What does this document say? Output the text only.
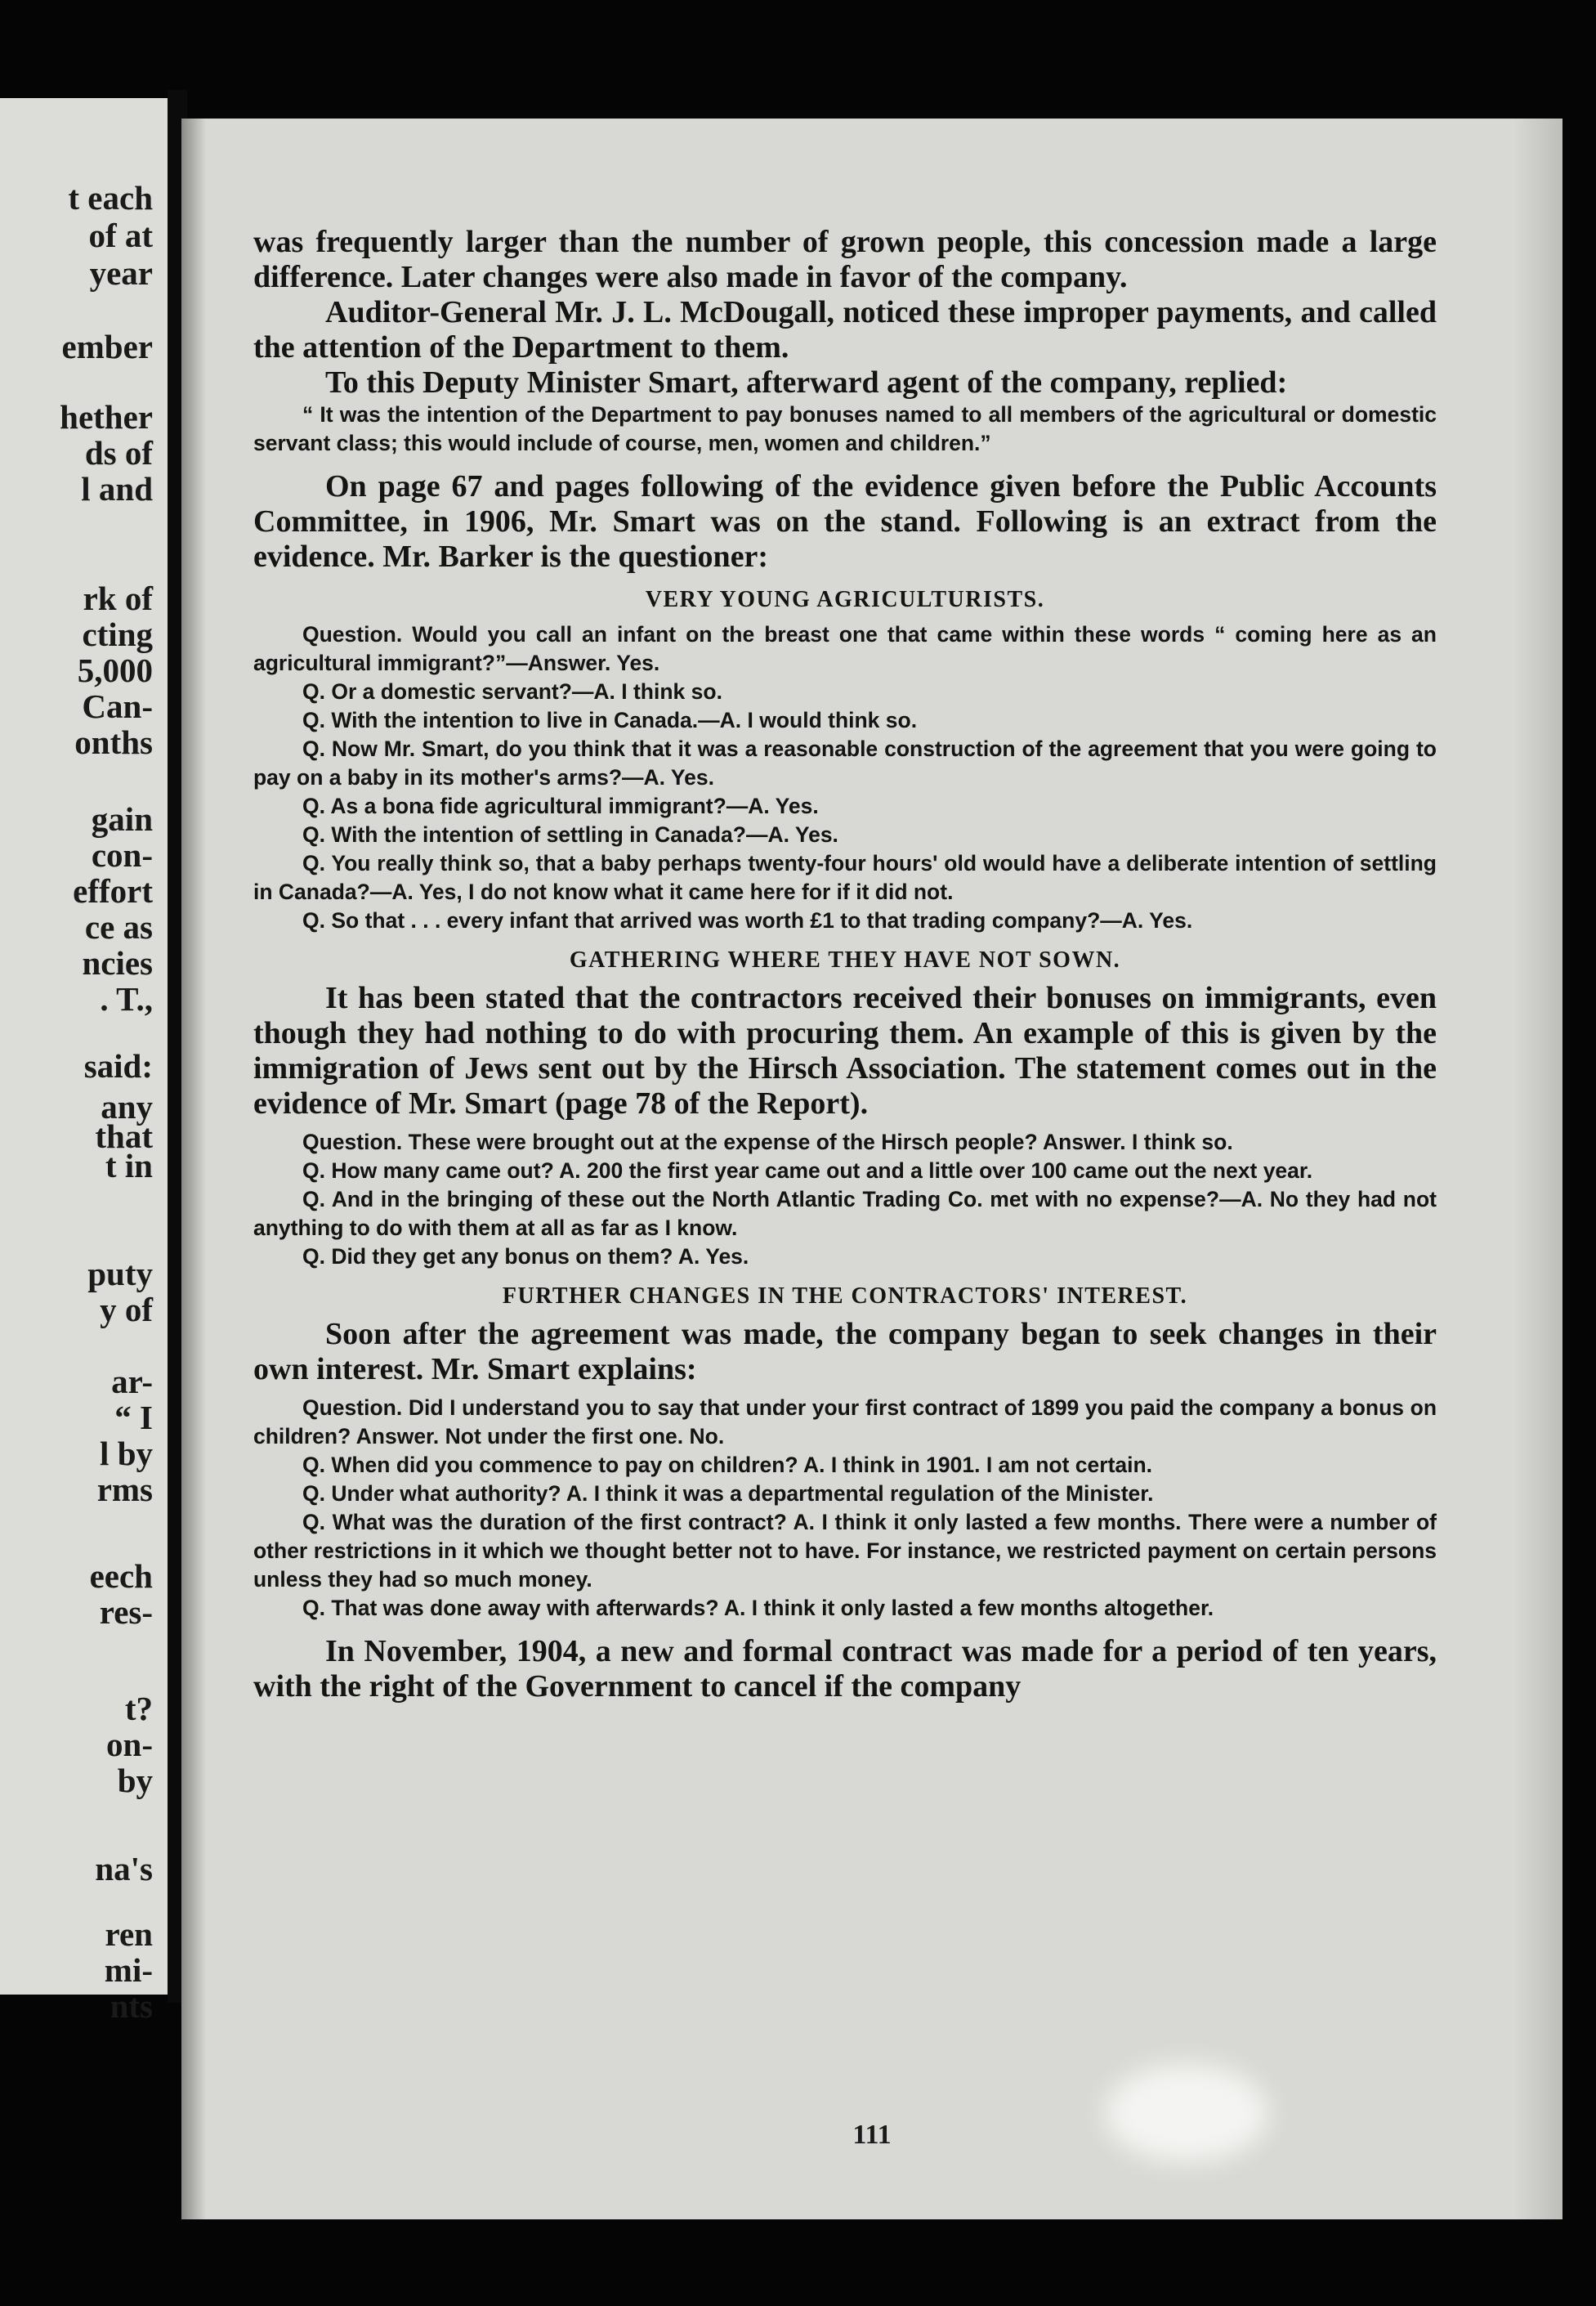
t each
of at
year
ember
hether
ds of
l and
rk of
cting
5,000
Can-
onths
gain
con-
effort
ce as
ncies
. T.,
said:
any
that
t in
puty
y of
ar-
“ I
l by
rms
eech
res-
t?
on-
by
na's
ren
mi-
nts

was frequently larger than the number of grown people, this concession made a large difference. Later changes were also made in favor of the company.

Auditor-General Mr. J. L. McDougall, noticed these improper payments, and called the attention of the Department to them.

To this Deputy Minister Smart, afterward agent of the company, replied:

“ It was the intention of the Department to pay bonuses named to all members of the agricultural or domestic servant class; this would include of course, men, women and children.”

On page 67 and pages following of the evidence given before the Public Accounts Committee, in 1906, Mr. Smart was on the stand. Following is an extract from the evidence. Mr. Barker is the questioner:

VERY YOUNG AGRICULTURISTS.

Question. Would you call an infant on the breast one that came within these words “ coming here as an agricultural immigrant?”—Answer. Yes.

Q. Or a domestic servant?—A. I think so.

Q. With the intention to live in Canada.—A. I would think so.

Q. Now Mr. Smart, do you think that it was a reasonable construction of the agreement that you were going to pay on a baby in its mother's arms?—A. Yes.

Q. As a bona fide agricultural immigrant?—A. Yes.

Q. With the intention of settling in Canada?—A. Yes.

Q. You really think so, that a baby perhaps twenty-four hours' old would have a deliberate intention of settling in Canada?—A. Yes, I do not know what it came here for if it did not.

Q. So that . . . every infant that arrived was worth £1 to that trading company?—A. Yes.

GATHERING WHERE THEY HAVE NOT SOWN.

It has been stated that the contractors received their bonuses on immigrants, even though they had nothing to do with procuring them. An example of this is given by the immigration of Jews sent out by the Hirsch Association. The statement comes out in the evidence of Mr. Smart (page 78 of the Report).

Question. These were brought out at the expense of the Hirsch people? Answer. I think so.

Q. How many came out? A. 200 the first year came out and a little over 100 came out the next year.

Q. And in the bringing of these out the North Atlantic Trading Co. met with no expense?—A. No they had not anything to do with them at all as far as I know.

Q. Did they get any bonus on them? A. Yes.

FURTHER CHANGES IN THE CONTRACTORS' INTEREST.

Soon after the agreement was made, the company began to seek changes in their own interest. Mr. Smart explains:

Question. Did I understand you to say that under your first contract of 1899 you paid the company a bonus on children? Answer. Not under the first one. No.

Q. When did you commence to pay on children? A. I think in 1901. I am not certain.

Q. Under what authority? A. I think it was a departmental regulation of the Minister.

Q. What was the duration of the first contract? A. I think it only lasted a few months. There were a number of other restrictions in it which we thought better not to have. For instance, we restricted payment on certain persons unless they had so much money.

Q. That was done away with afterwards? A. I think it only lasted a few months altogether.

In November, 1904, a new and formal contract was made for a period of ten years, with the right of the Government to cancel if the company

111
